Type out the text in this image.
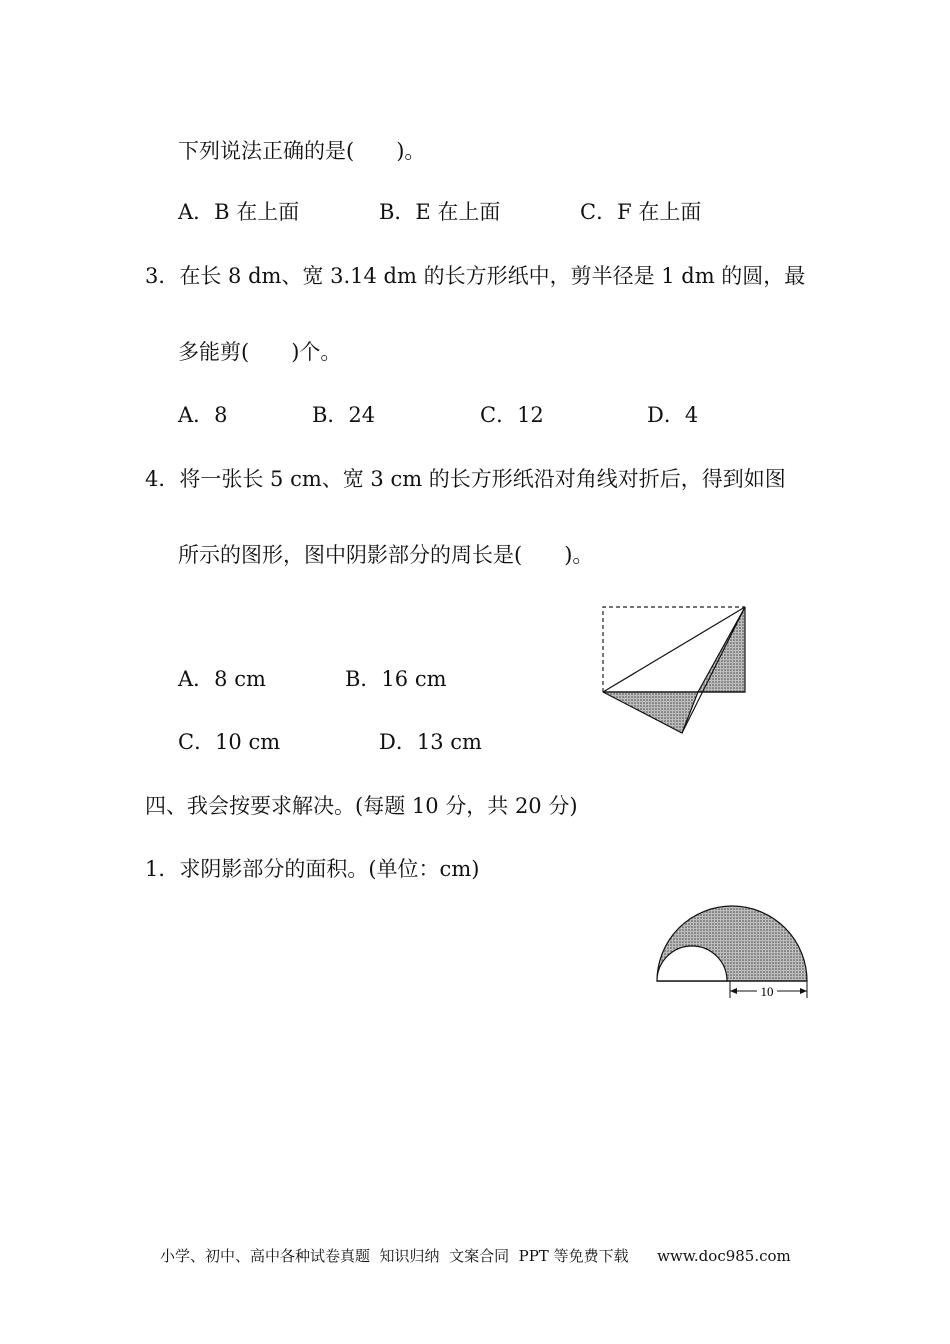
下列说法正确的是(　　)。
A．B 在上面	B．E 在上面	C．F 在上面
3．在长 8 dm、宽 3.14 dm 的长方形纸中，剪半径是 1 dm 的圆，最
多能剪(　　)个。
A．8	B．24	C．12	D．4
4．将一张长 5 cm、宽 3 cm 的长方形纸沿对角线对折后，得到如图
所示的图形，图中阴影部分的周长是(　　)。
A．8 cm	B．16 cm
C．10 cm	D．13 cm
四、我会按要求解决。(每题 10 分，共 20 分)
1．求阴影部分的面积。(单位：cm)
10
小学、初中、高中各种试卷真题  知识归纳  文案合同  PPT 等免费下载      www.doc985.com
